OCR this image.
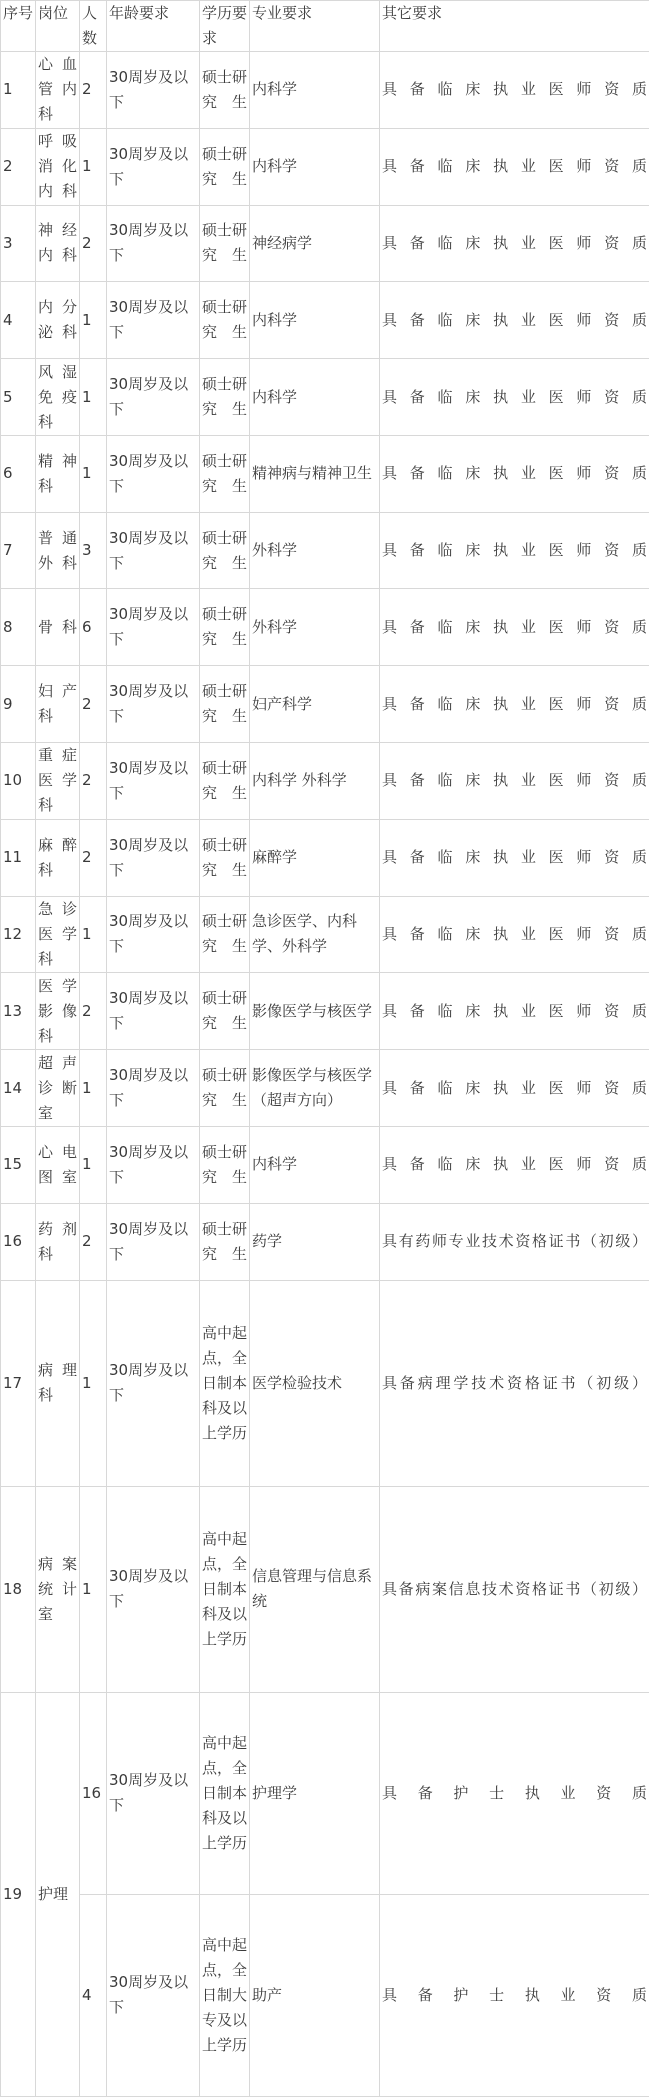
序号	岗位	人数	年龄要求	学历要求	专业要求	其它要求
1	心血管内科	2	30周岁及以下	硕士研究生	内科学	具备临床执业医师资质
2	呼吸消化内科	1	30周岁及以下	硕士研究生	内科学	具备临床执业医师资质
3	神经内科	2	30周岁及以下	硕士研究生	神经病学	具备临床执业医师资质
4	内分泌科	1	30周岁及以下	硕士研究生	内科学	具备临床执业医师资质
5	风湿免疫科	1	30周岁及以下	硕士研究生	内科学	具备临床执业医师资质
6	精神科	1	30周岁及以下	硕士研究生	精神病与精神卫生	具备临床执业医师资质
7	普通外科	3	30周岁及以下	硕士研究生	外科学	具备临床执业医师资质
8	骨科	6	30周岁及以下	硕士研究生	外科学	具备临床执业医师资质
9	妇产科	2	30周岁及以下	硕士研究生	妇产科学	具备临床执业医师资质
10	重症医学科	2	30周岁及以下	硕士研究生	内科学 外科学	具备临床执业医师资质
11	麻醉科	2	30周岁及以下	硕士研究生	麻醉学	具备临床执业医师资质
12	急诊医学科	1	30周岁及以下	硕士研究生	急诊医学、内科学、外科学	具备临床执业医师资质
13	医学影像科	2	30周岁及以下	硕士研究生	影像医学与核医学	具备临床执业医师资质
14	超声诊断室	1	30周岁及以下	硕士研究生	影像医学与核医学（超声方向）	具备临床执业医师资质
15	心电图室	1	30周岁及以下	硕士研究生	内科学	具备临床执业医师资质
16	药剂科	2	30周岁及以下	硕士研究生	药学	具有药师专业技术资格证书（初级）
17	病理科	1	30周岁及以下	高中起点，全日制本科及以上学历	医学检验技术	具备病理学技术资格证书（初级）
18	病案统计室	1	30周岁及以下	高中起点，全日制本科及以上学历	信息管理与信息系统	具备病案信息技术资格证书（初级）
19	护理	16	30周岁及以下	高中起点，全日制本科及以上学历	护理学	具备护士执业资质
		4	30周岁及以下	高中起点，全日制大专及以上学历	助产	具备护士执业资质
